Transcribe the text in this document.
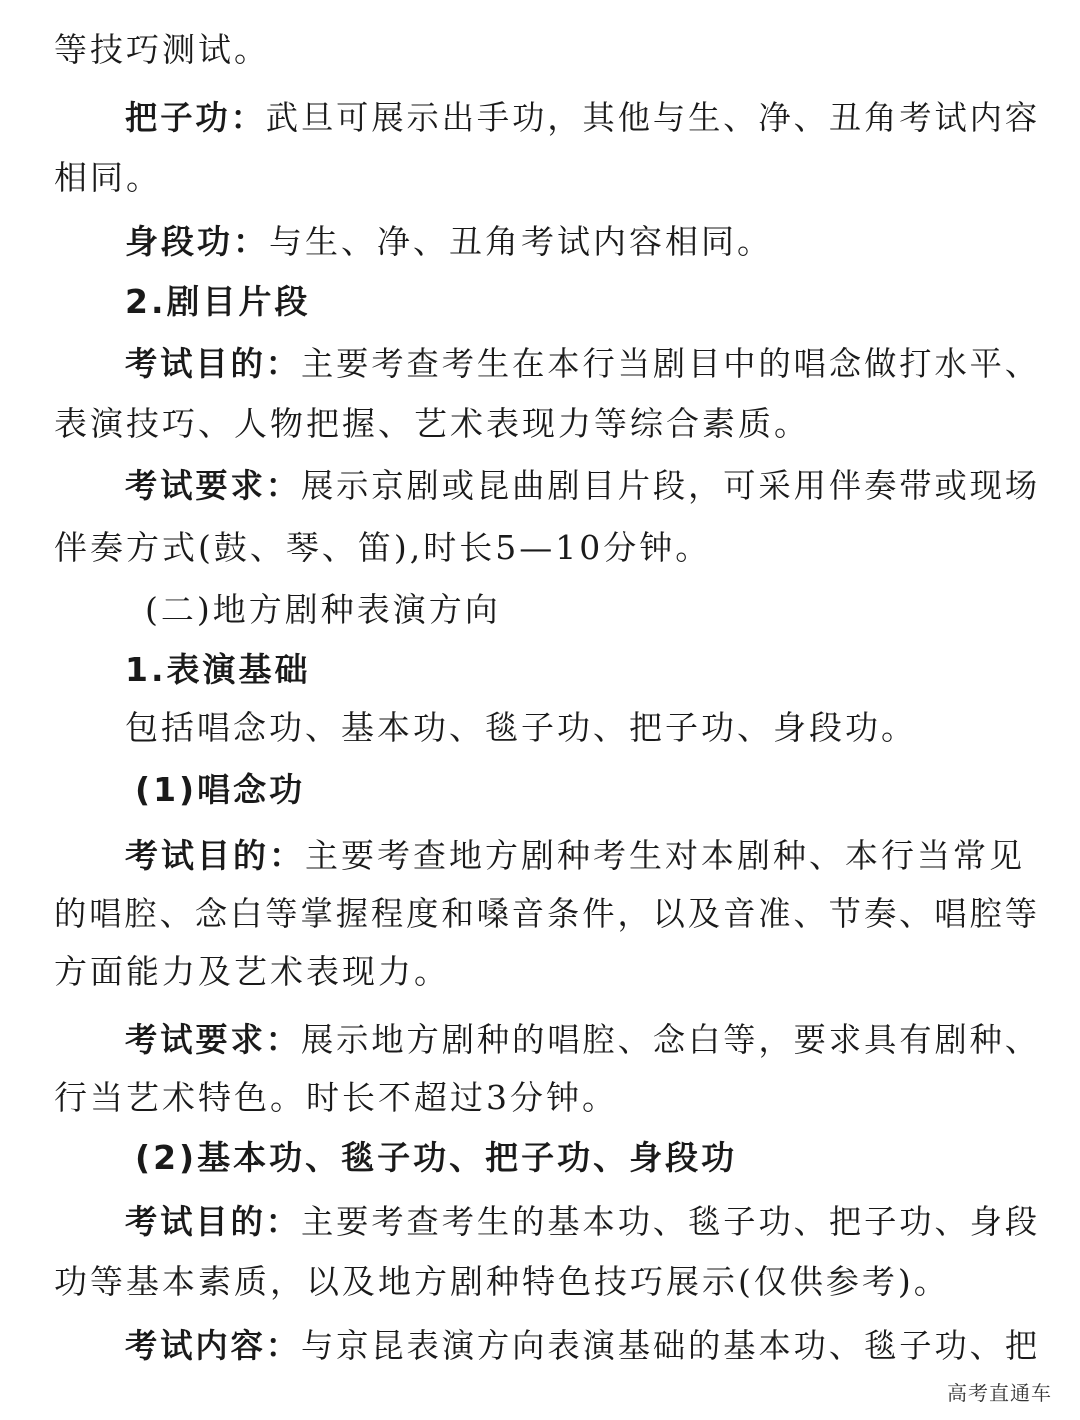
等技巧测试。
把子功：武旦可展示出手功，其他与生、净、丑角考试内容
相同。
身段功：与生、净、丑角考试内容相同。
2.剧目片段
考试目的：主要考查考生在本行当剧目中的唱念做打水平、
表演技巧、人物把握、艺术表现力等综合素质。
考试要求：展示京剧或昆曲剧目片段，可采用伴奏带或现场
伴奏方式(鼓、琴、笛),时长5—10分钟。
(二)地方剧种表演方向
1.表演基础
包括唱念功、基本功、毯子功、把子功、身段功。
(1)唱念功
考试目的：主要考查地方剧种考生对本剧种、本行当常见
的唱腔、念白等掌握程度和嗓音条件，以及音准、节奏、唱腔等
方面能力及艺术表现力。
考试要求：展示地方剧种的唱腔、念白等，要求具有剧种、
行当艺术特色。时长不超过3分钟。
(2)基本功、毯子功、把子功、身段功
考试目的：主要考查考生的基本功、毯子功、把子功、身段
功等基本素质，以及地方剧种特色技巧展示(仅供参考)。
考试内容：与京昆表演方向表演基础的基本功、毯子功、把
高考直通车
